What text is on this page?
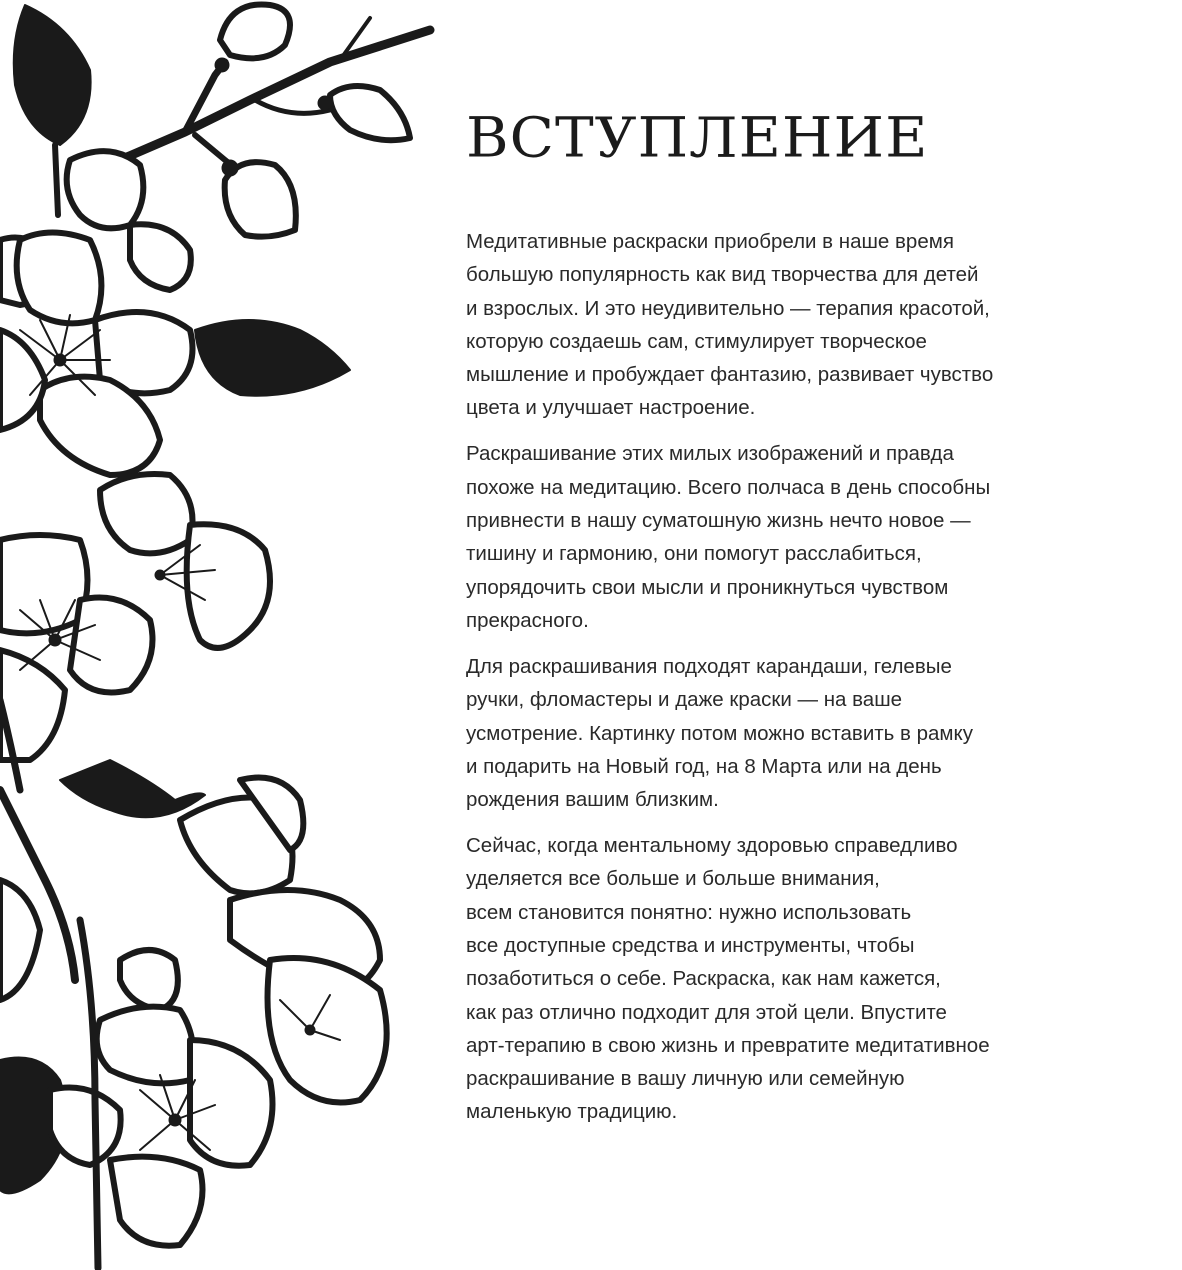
ВСТУПЛЕНИЕ

Медитативные раскраски приобрели в наше время
большую популярность как вид творчества для детей
и взрослых. И это неудивительно — терапия красотой,
которую создаешь сам, стимулирует творческое
мышление и пробуждает фантазию, развивает чувство
цвета и улучшает настроение.

Раскрашивание этих милых изображений и правда
похоже на медитацию. Всего полчаса в день способны
привнести в нашу суматошную жизнь нечто новое —
тишину и гармонию, они помогут расслабиться,
упорядочить свои мысли и проникнуться чувством
прекрасного.

Для раскрашивания подходят карандаши, гелевые
ручки, фломастеры и даже краски — на ваше
усмотрение. Картинку потом можно вставить в рамку
и подарить на Новый год, на 8 Марта или на день
рождения вашим близким.

Сейчас, когда ментальному здоровью справедливо
уделяется все больше и больше внимания,
всем становится понятно: нужно использовать
все доступные средства и инструменты, чтобы
позаботиться о себе. Раскраска, как нам кажется,
как раз отлично подходит для этой цели. Впустите
арт-терапию в свою жизнь и превратите медитативное
раскрашивание в вашу личную или семейную
маленькую традицию.
